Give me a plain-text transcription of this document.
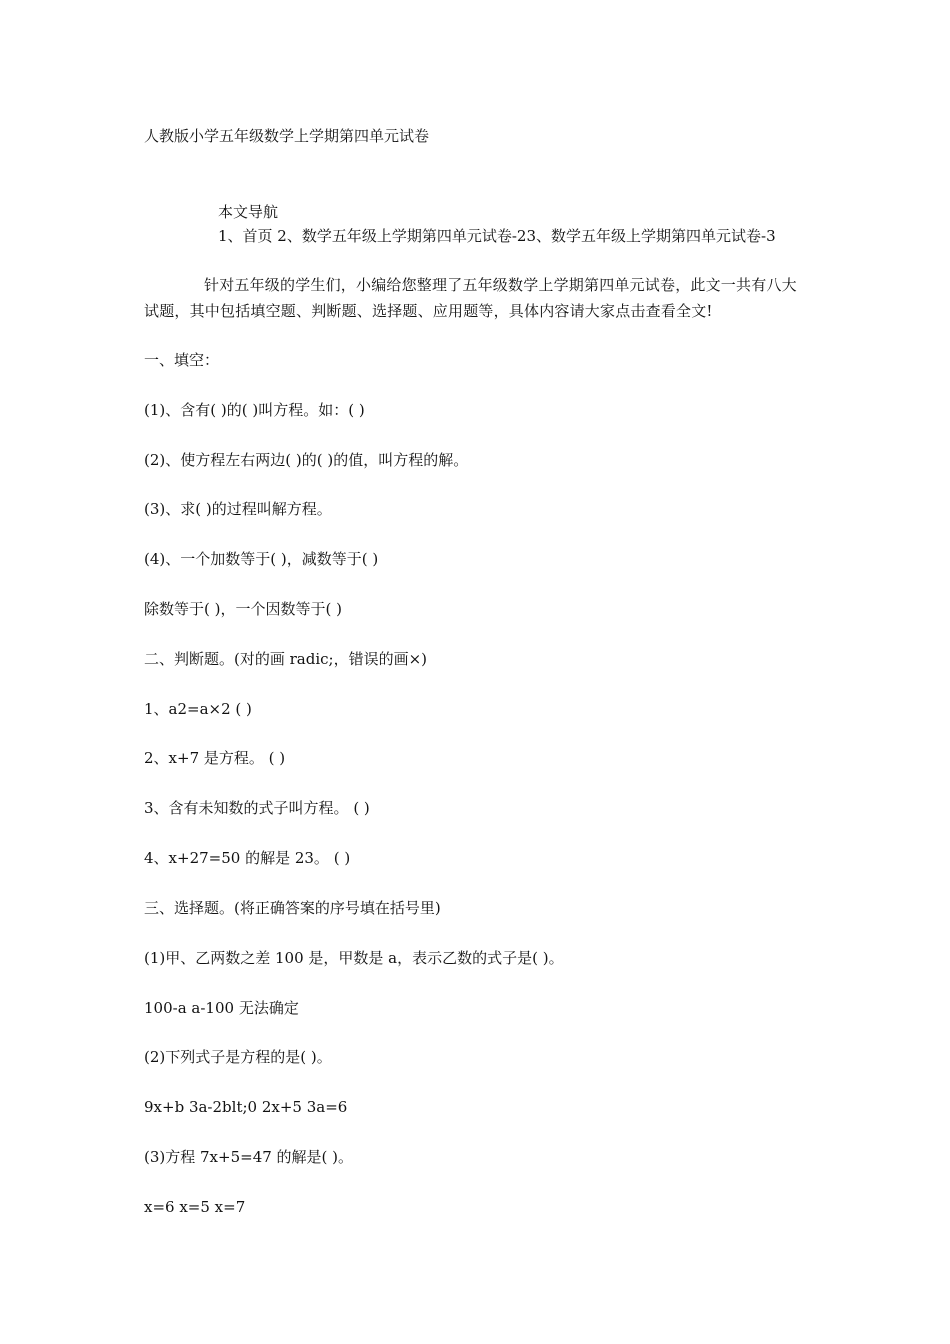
人教版小学五年级数学上学期第四单元试卷
本文导航
1、首页 2、数学五年级上学期第四单元试卷-23、数学五年级上学期第四单元试卷-3
针对五年级的学生们，小编给您整理了五年级数学上学期第四单元试卷，此文一共有八大试题，其中包括填空题、判断题、选择题、应用题等，具体内容请大家点击查看全文!
一、填空：
(1)、含有( )的( )叫方程。如：( )
(2)、使方程左右两边( )的( )的值，叫方程的解。
(3)、求( )的过程叫解方程。
(4)、一个加数等于( )，减数等于( )
除数等于( )，一个因数等于( )
二、判断题。(对的画 radic;，错误的画×)
1、a2=a×2 ( )
2、x+7 是方程。 ( )
3、含有未知数的式子叫方程。 ( )
4、x+27=50 的解是 23。 ( )
三、选择题。(将正确答案的序号填在括号里)
(1)甲、乙两数之差 100 是，甲数是 a，表示乙数的式子是( )。
100-a a-100 无法确定
(2)下列式子是方程的是( )。
9x+b 3a-2blt;0 2x+5 3a=6
(3)方程 7x+5=47 的解是( )。
x=6 x=5 x=7
